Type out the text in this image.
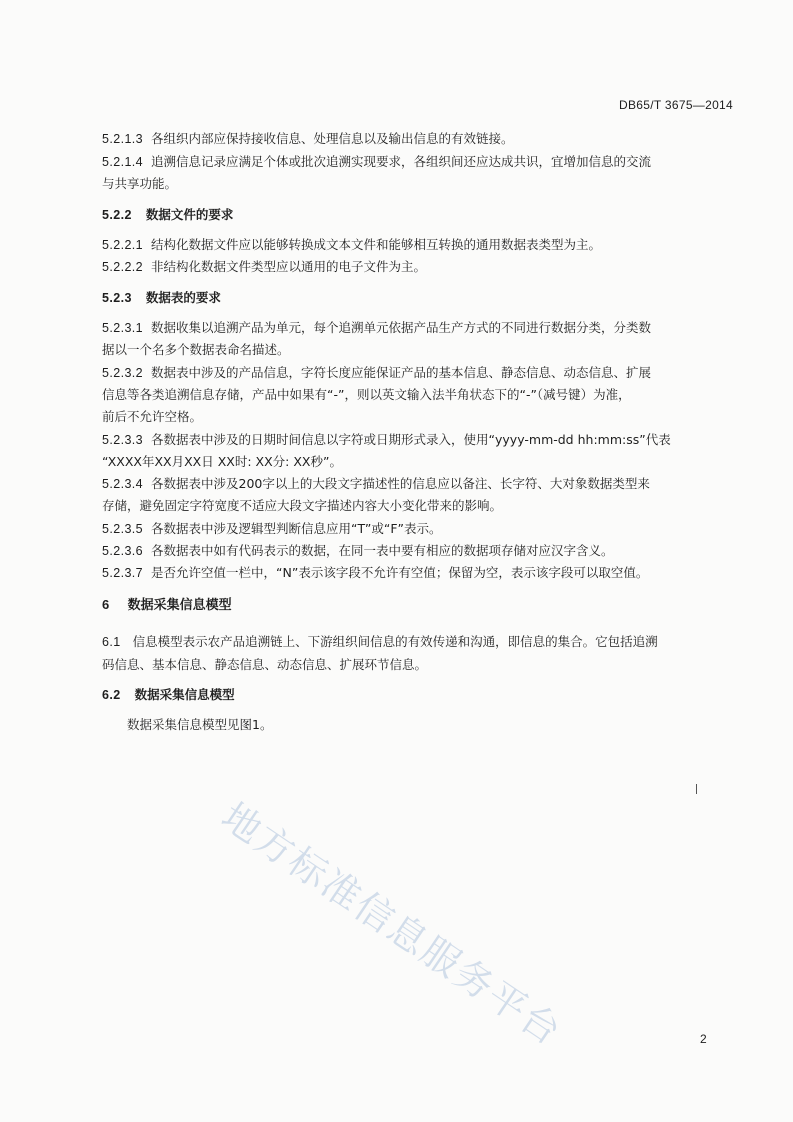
DB65/T 3675—2014
5.2.1.3 各组织内部应保持接收信息、处理信息以及输出信息的有效链接。
5.2.1.4 追溯信息记录应满足个体或批次追溯实现要求，各组织间还应达成共识，宜增加信息的交流
与共享功能。
5.2.2 数据文件的要求
5.2.2.1 结构化数据文件应以能够转换成文本文件和能够相互转换的通用数据表类型为主。
5.2.2.2 非结构化数据文件类型应以通用的电子文件为主。
5.2.3 数据表的要求
5.2.3.1 数据收集以追溯产品为单元，每个追溯单元依据产品生产方式的不同进行数据分类，分类数
据以一个名多个数据表命名描述。
5.2.3.2 数据表中涉及的产品信息，字符长度应能保证产品的基本信息、静态信息、动态信息、扩展
信息等各类追溯信息存储，产品中如果有“-”，则以英文输入法半角状态下的“-”（减号键）为准，
前后不允许空格。
5.2.3.3 各数据表中涉及的日期时间信息以字符或日期形式录入，使用“yyyy-mm-dd hh:mm:ss”代表
“XXXX年XX月XX日 XX时: XX分: XX秒”。
5.2.3.4 各数据表中涉及200字以上的大段文字描述性的信息应以备注、长字符、大对象数据类型来
存储，避免固定字符宽度不适应大段文字描述内容大小变化带来的影响。
5.2.3.5 各数据表中涉及逻辑型判断信息应用“T”或“F”表示。
5.2.3.6 各数据表中如有代码表示的数据，在同一表中要有相应的数据项存储对应汉字含义。
5.2.3.7 是否允许空值一栏中，“N”表示该字段不允许有空值；保留为空，表示该字段可以取空值。
6 数据采集信息模型
6.1 信息模型表示农产品追溯链上、下游组织间信息的有效传递和沟通，即信息的集合。它包括追溯
码信息、基本信息、静态信息、动态信息、扩展环节信息。
6.2 数据采集信息模型
数据采集信息模型见图1。
地方标准信息服务平台	2
